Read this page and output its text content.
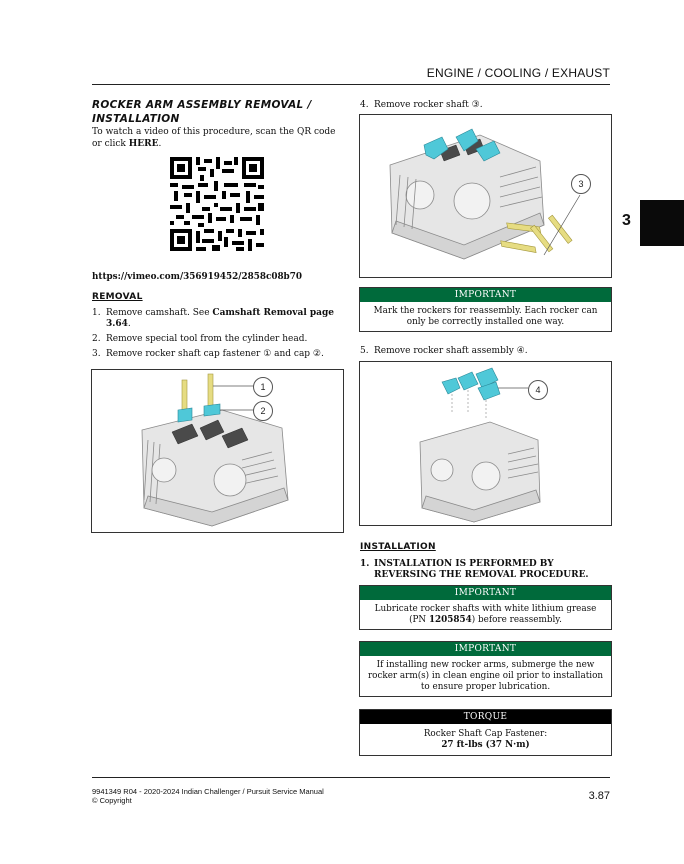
ENGINE / COOLING / EXHAUST
3
ROCKER ARM ASSEMBLY REMOVAL / INSTALLATION
To watch a video of this procedure, scan the QR code or click HERE.
https://vimeo.com/356919452/2858c08b70
REMOVAL
1. Remove camshaft. See Camshaft Removal page 3.64.
2. Remove special tool from the cylinder head.
3. Remove rocker shaft cap fastener ① and cap ②.
1
2
4. Remove rocker shaft ③.
3
IMPORTANT
Mark the rockers for reassembly. Each rocker can only be correctly installed one way.
5. Remove rocker shaft assembly ④.
4
INSTALLATION
1. INSTALLATION IS PERFORMED BY REVERSING THE REMOVAL PROCEDURE.
IMPORTANT
Lubricate rocker shafts with white lithium grease (PN 1205854) before reassembly.
IMPORTANT
If installing new rocker arms, submerge the new rocker arm(s) in clean engine oil prior to installation to ensure proper lubrication.
TORQUE
Rocker Shaft Cap Fastener:
27 ft-lbs (37 N·m)
9941349 R04 - 2020-2024 Indian Challenger / Pursuit Service Manual
© Copyright	3.87
